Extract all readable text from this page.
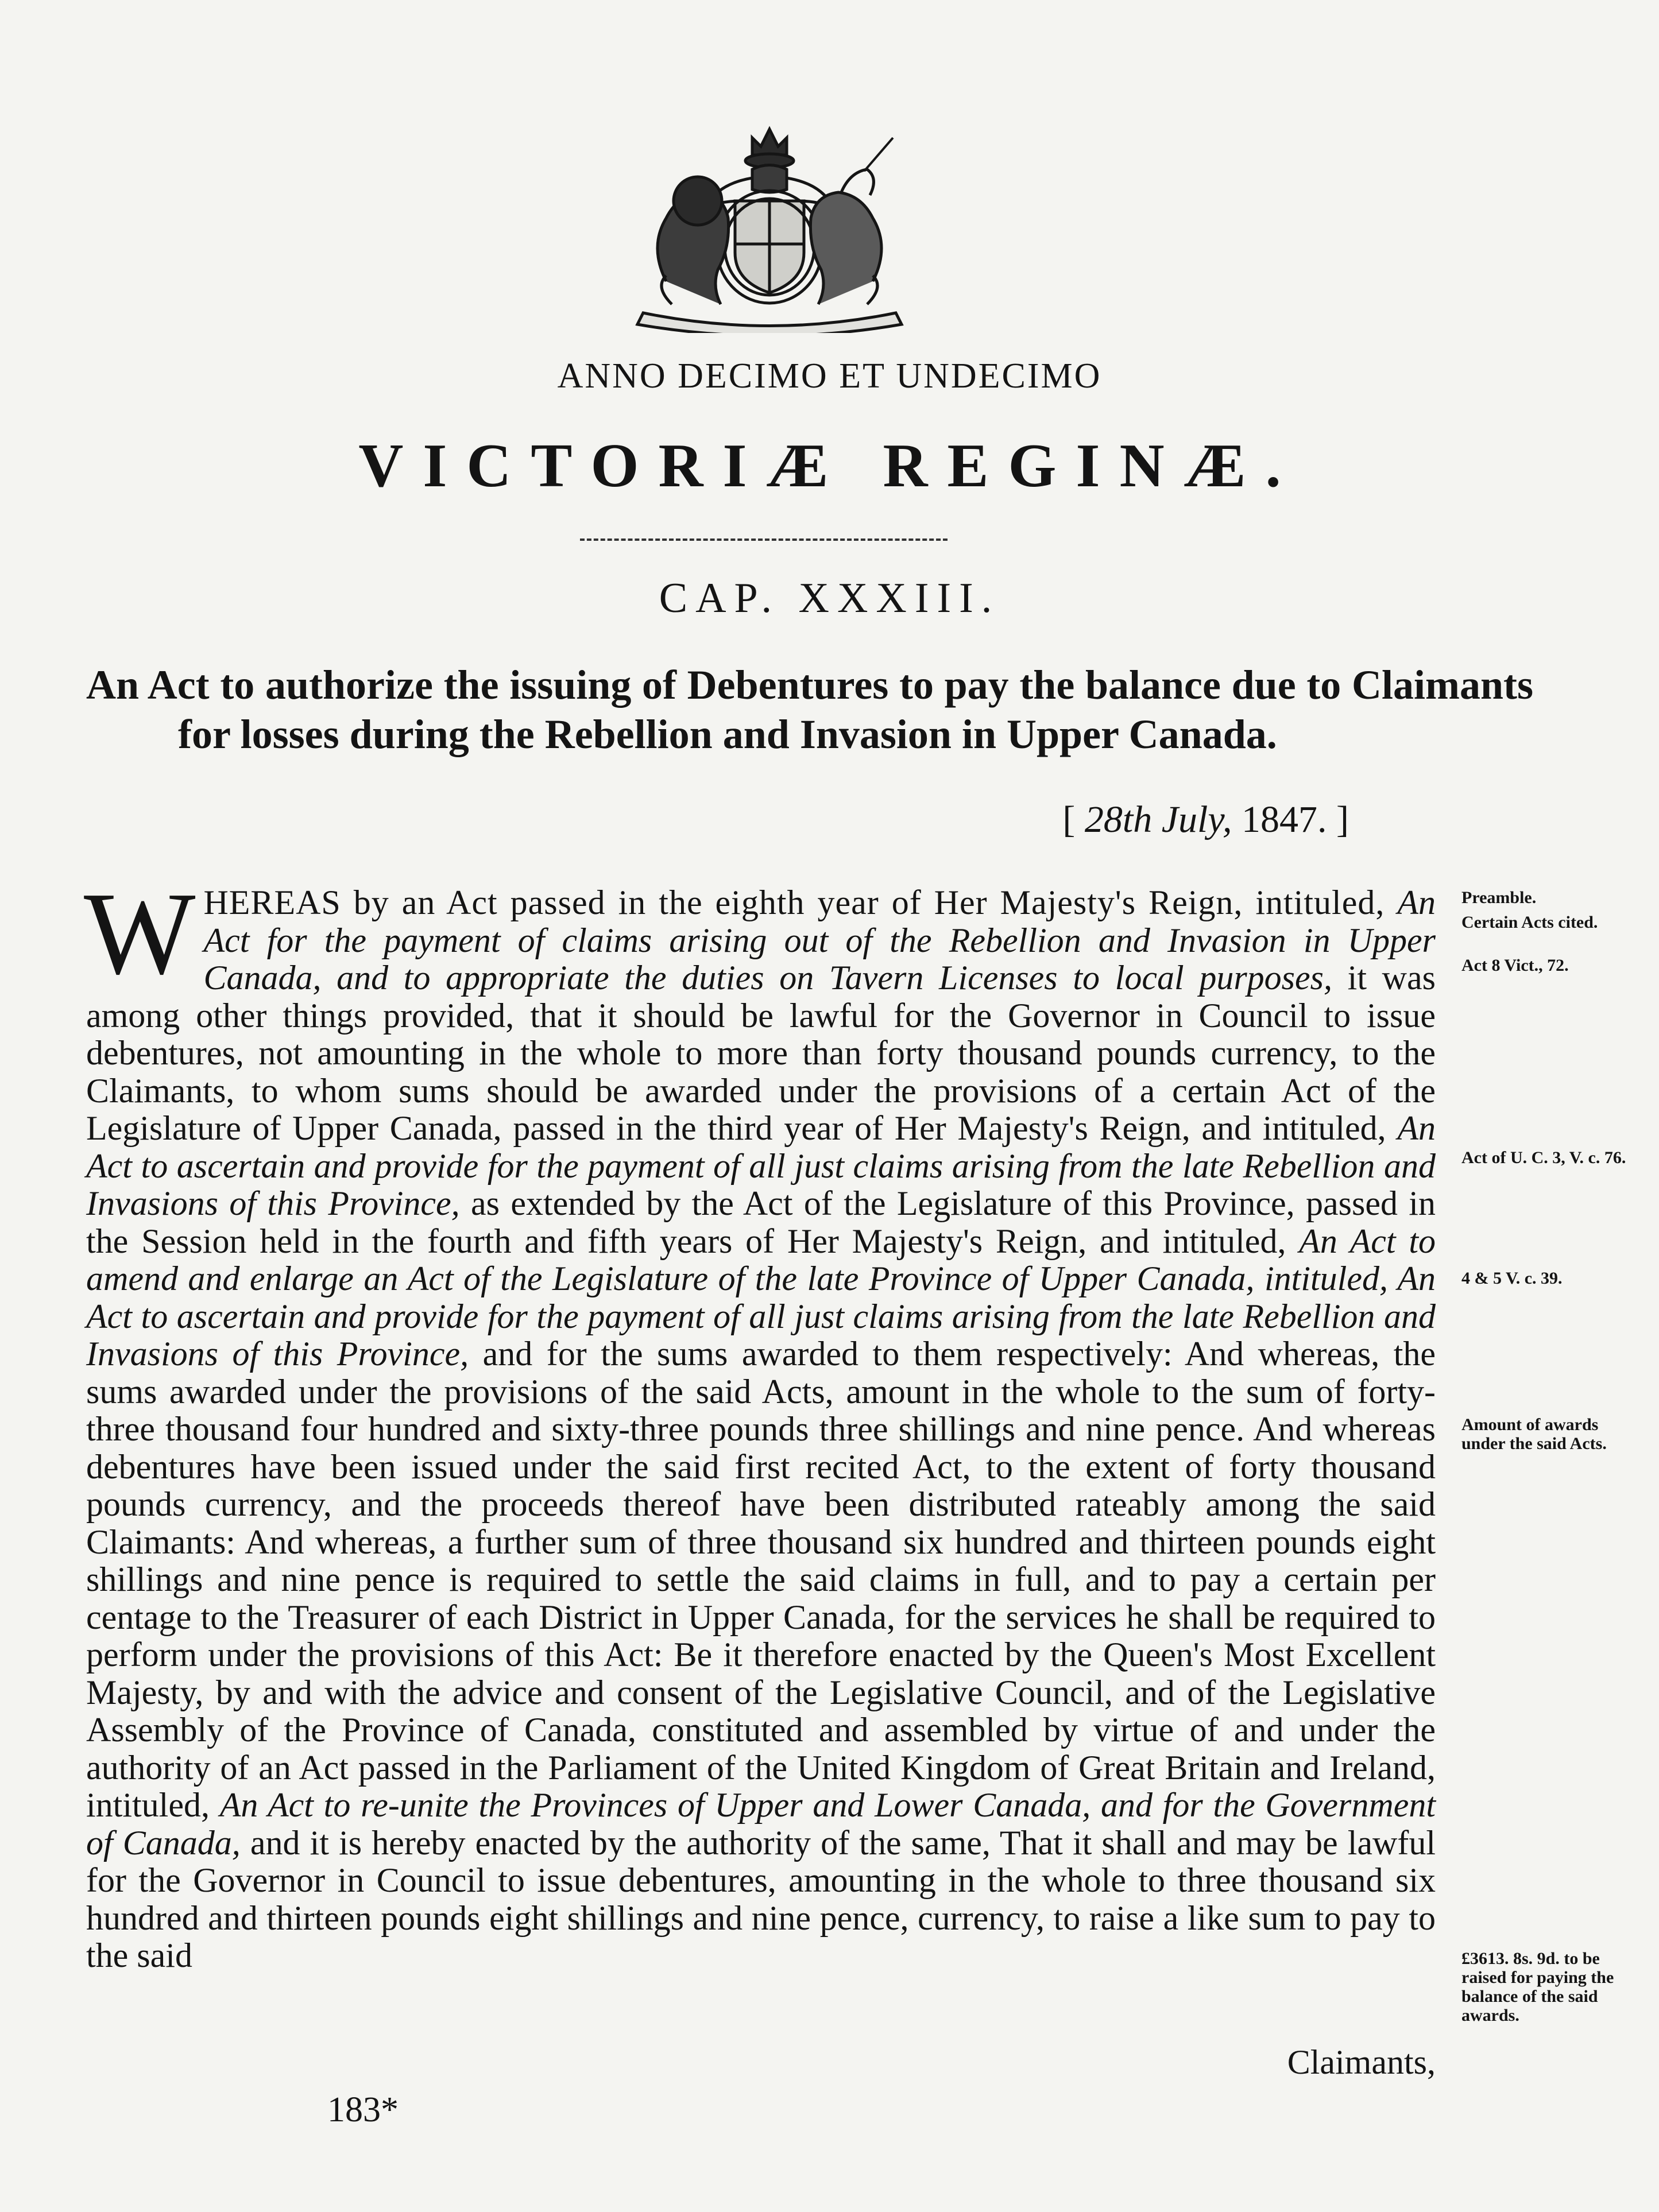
ANNO DECIMO ET UNDECIMO
VICTORIÆ REGINÆ.
CAP. XXXIII.
An Act to authorize the issuing of Debentures to pay the balance due to Claimants for losses during the Rebellion and Invasion in Upper Canada.
[ 28th July, 1847. ]
WHEREAS by an Act passed in the eighth year of Her Majesty's Reign, intituled, An Act for the payment of claims arising out of the Rebellion and Invasion in Upper Canada, and to appropriate the duties on Tavern Licenses to local purposes, it was among other things provided, that it should be lawful for the Governor in Council to issue debentures, not amounting in the whole to more than forty thousand pounds currency, to the Claimants, to whom sums should be awarded under the provisions of a certain Act of the Legislature of Upper Canada, passed in the third year of Her Majesty's Reign, and intituled, An Act to ascertain and provide for the payment of all just claims arising from the late Rebellion and Invasions of this Province, as extended by the Act of the Legislature of this Province, passed in the Session held in the fourth and fifth years of Her Majesty's Reign, and intituled, An Act to amend and enlarge an Act of the Legislature of the late Province of Upper Canada, intituled, An Act to ascertain and provide for the payment of all just claims arising from the late Rebellion and Invasions of this Province, and for the sums awarded to them respectively: And whereas, the sums awarded under the provisions of the said Acts, amount in the whole to the sum of forty-three thousand four hundred and sixty-three pounds three shillings and nine pence. And whereas debentures have been issued under the said first recited Act, to the extent of forty thousand pounds currency, and the proceeds thereof have been distributed rateably among the said Claimants: And whereas, a further sum of three thousand six hundred and thirteen pounds eight shillings and nine pence is required to settle the said claims in full, and to pay a certain per centage to the Treasurer of each District in Upper Canada, for the services he shall be required to perform under the provisions of this Act: Be it therefore enacted by the Queen's Most Excellent Majesty, by and with the advice and consent of the Legislative Council, and of the Legislative Assembly of the Province of Canada, constituted and assembled by virtue of and under the authority of an Act passed in the Parliament of the United Kingdom of Great Britain and Ireland, intituled, An Act to re-unite the Provinces of Upper and Lower Canada, and for the Government of Canada, and it is hereby enacted by the authority of the same, That it shall and may be lawful for the Governor in Council to issue debentures, amounting in the whole to three thousand six hundred and thirteen pounds eight shillings and nine pence, currency, to raise a like sum to pay to the said
Claimants,
183*
Preamble.
Certain Acts cited.
Act 8 Vict., 72.
Act of U. C. 3, V. c. 76.
4 & 5 V. c. 39.
Amount of awards under the said Acts.
£3613. 8s. 9d. to be raised for paying the balance of the said awards.
